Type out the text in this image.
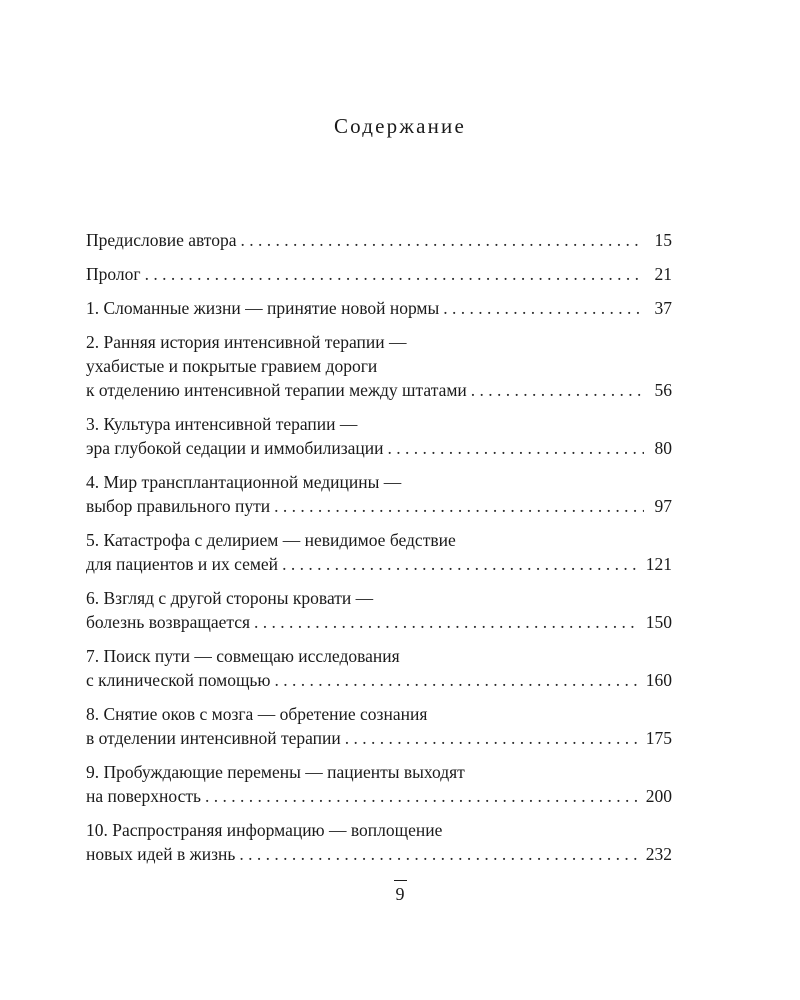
Содержание
Предисловие автора . . .	15
Пролог . . .	21
1. Сломанные жизни — принятие новой нормы . . .	37
2. Ранняя история интенсивной терапии —
ухабистые и покрытые гравием дороги
к отделению интенсивной терапии между штатами . . .	56
3. Культура интенсивной терапии —
эра глубокой седации и иммобилизации . . .	80
4. Мир трансплантационной медицины —
выбор правильного пути . . .	97
5. Катастрофа с делирием — невидимое бедствие
для пациентов и их семей . . .	121
6. Взгляд с другой стороны кровати —
болезнь возвращается . . .	150
7. Поиск пути — совмещаю исследования
с клинической помощью . . .	160
8. Снятие оков с мозга — обретение сознания
в отделении интенсивной терапии . . .	175
9. Пробуждающие перемены — пациенты выходят
на поверхность . . .	200
10. Распространяя информацию — воплощение
новых идей в жизнь . . .	232
9
